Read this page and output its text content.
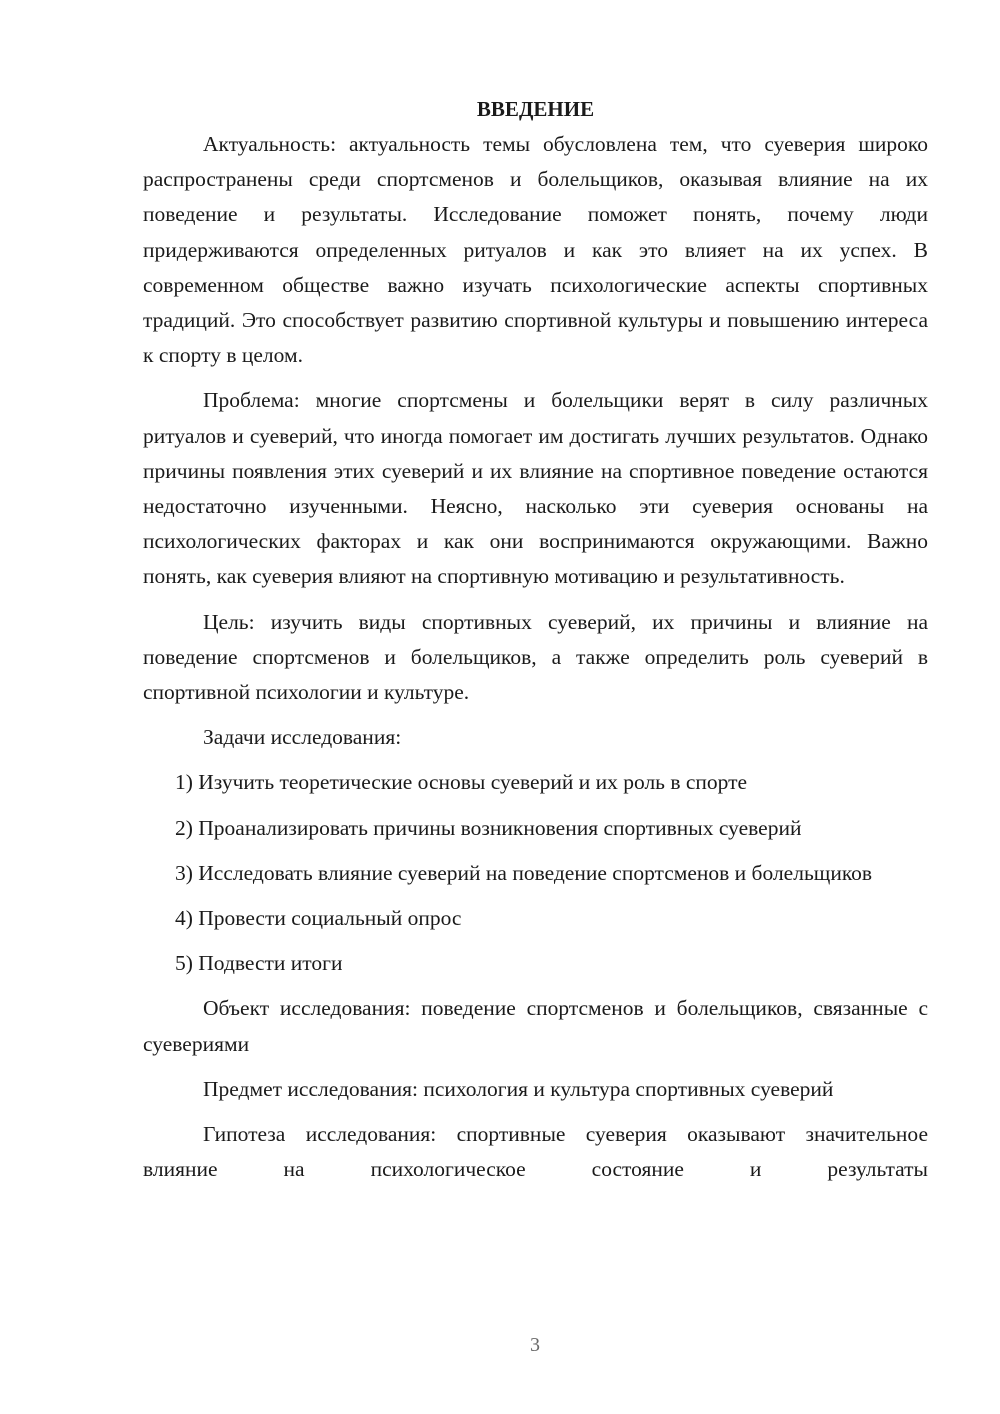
ВВЕДЕНИЕ

Актуальность: актуальность темы обусловлена тем, что суеверия широко распространены среди спортсменов и болельщиков, оказывая влияние на их поведение и результаты. Исследование поможет понять, почему люди придерживаются определенных ритуалов и как это влияет на их успех. В современном обществе важно изучать психологические аспекты спортивных традиций. Это способствует развитию спортивной культуры и повышению интереса к спорту в целом.

Проблема: многие спортсмены и болельщики верят в силу различных ритуалов и суеверий, что иногда помогает им достигать лучших результатов. Однако причины появления этих суеверий и их влияние на спортивное поведение остаются недостаточно изученными. Неясно, насколько эти суеверия основаны на психологических факторах и как они воспринимаются окружающими. Важно понять, как суеверия влияют на спортивную мотивацию и результативность.

Цель: изучить виды спортивных суеверий, их причины и влияние на поведение спортсменов и болельщиков, а также определить роль суеверий в спортивной психологии и культуре.

Задачи исследования:

1) Изучить теоретические основы суеверий и их роль в спорте

2) Проанализировать причины возникновения спортивных суеверий

3) Исследовать влияние суеверий на поведение спортсменов и болельщиков

4) Провести социальный опрос

5) Подвести итоги

Объект исследования: поведение спортсменов и болельщиков, связанные с суевериями

Предмет исследования: психология и культура спортивных суеверий

Гипотеза исследования: спортивные суеверия оказывают значительное влияние на психологическое состояние и результаты

3
